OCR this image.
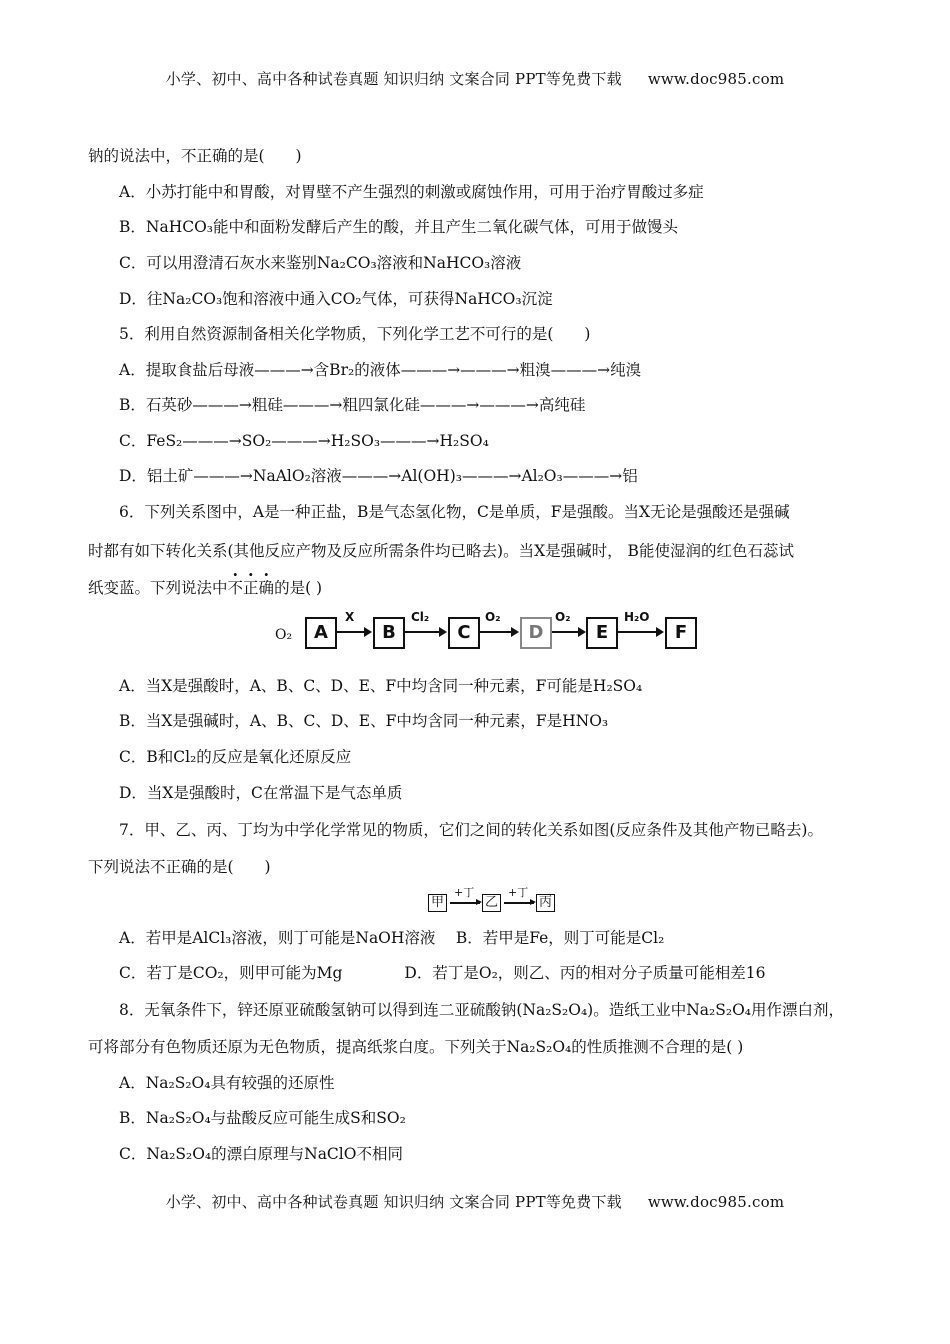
小学、初中、高中各种试卷真题 知识归纳 文案合同 PPT等免费下载 www.doc985.com
钠的说法中，不正确的是(　　)
A．小苏打能中和胃酸，对胃壁不产生强烈的刺激或腐蚀作用，可用于治疗胃酸过多症
B．NaHCO₃能中和面粉发酵后产生的酸，并且产生二氧化碳气体，可用于做馒头
C．可以用澄清石灰水来鉴别Na₂CO₃溶液和NaHCO₃溶液
D．往Na₂CO₃饱和溶液中通入CO₂气体，可获得NaHCO₃沉淀
5．利用自然资源制备相关化学物质，下列化学工艺不可行的是(　　)
A．提取食盐后母液———→含Br₂的液体———→———→粗溴———→纯溴
B．石英砂———→粗硅———→粗四氯化硅———→———→高纯硅
C．FeS₂———→SO₂———→H₂SO₃———→H₂SO₄
D．铝土矿———→NaAlO₂溶液———→Al(OH)₃———→Al₂O₃———→铝
6．下列关系图中，A是一种正盐，B是气态氢化物，C是单质，F是强酸。当X无论是强酸还是强碱
时都有如下转化关系(其他反应产物及反应所需条件均已略去)。当X是强碱时， B能使湿润的红色石蕊试
纸变蓝。下列说法中不正确的是( )
O₂	A
X
B
Cl₂
C
O₂
D
O₂
E
H₂O
F
A．当X是强酸时，A、B、C、D、E、F中均含同一种元素，F可能是H₂SO₄
B．当X是强碱时，A、B、C、D、E、F中均含同一种元素，F是HNO₃
C．B和Cl₂的反应是氧化还原反应
D．当X是强酸时，C在常温下是气态单质
7．甲、乙、丙、丁均为中学化学常见的物质，它们之间的转化关系如图(反应条件及其他产物已略去)。
下列说法不正确的是(　　)
甲
+丁
乙
+丁
丙
A．若甲是AlCl₃溶液，则丁可能是NaOH溶液　 B．若甲是Fe，则丁可能是Cl₂
C．若丁是CO₂，则甲可能为Mg　　　　D．若丁是O₂，则乙、丙的相对分子质量可能相差16
8．无氧条件下，锌还原亚硫酸氢钠可以得到连二亚硫酸钠(Na₂S₂O₄)。造纸工业中Na₂S₂O₄用作漂白剂，
可将部分有色物质还原为无色物质，提高纸浆白度。下列关于Na₂S₂O₄的性质推测不合理的是( )
A．Na₂S₂O₄具有较强的还原性
B．Na₂S₂O₄与盐酸反应可能生成S和SO₂
C．Na₂S₂O₄的漂白原理与NaClO不相同
小学、初中、高中各种试卷真题 知识归纳 文案合同 PPT等免费下载 www.doc985.com
